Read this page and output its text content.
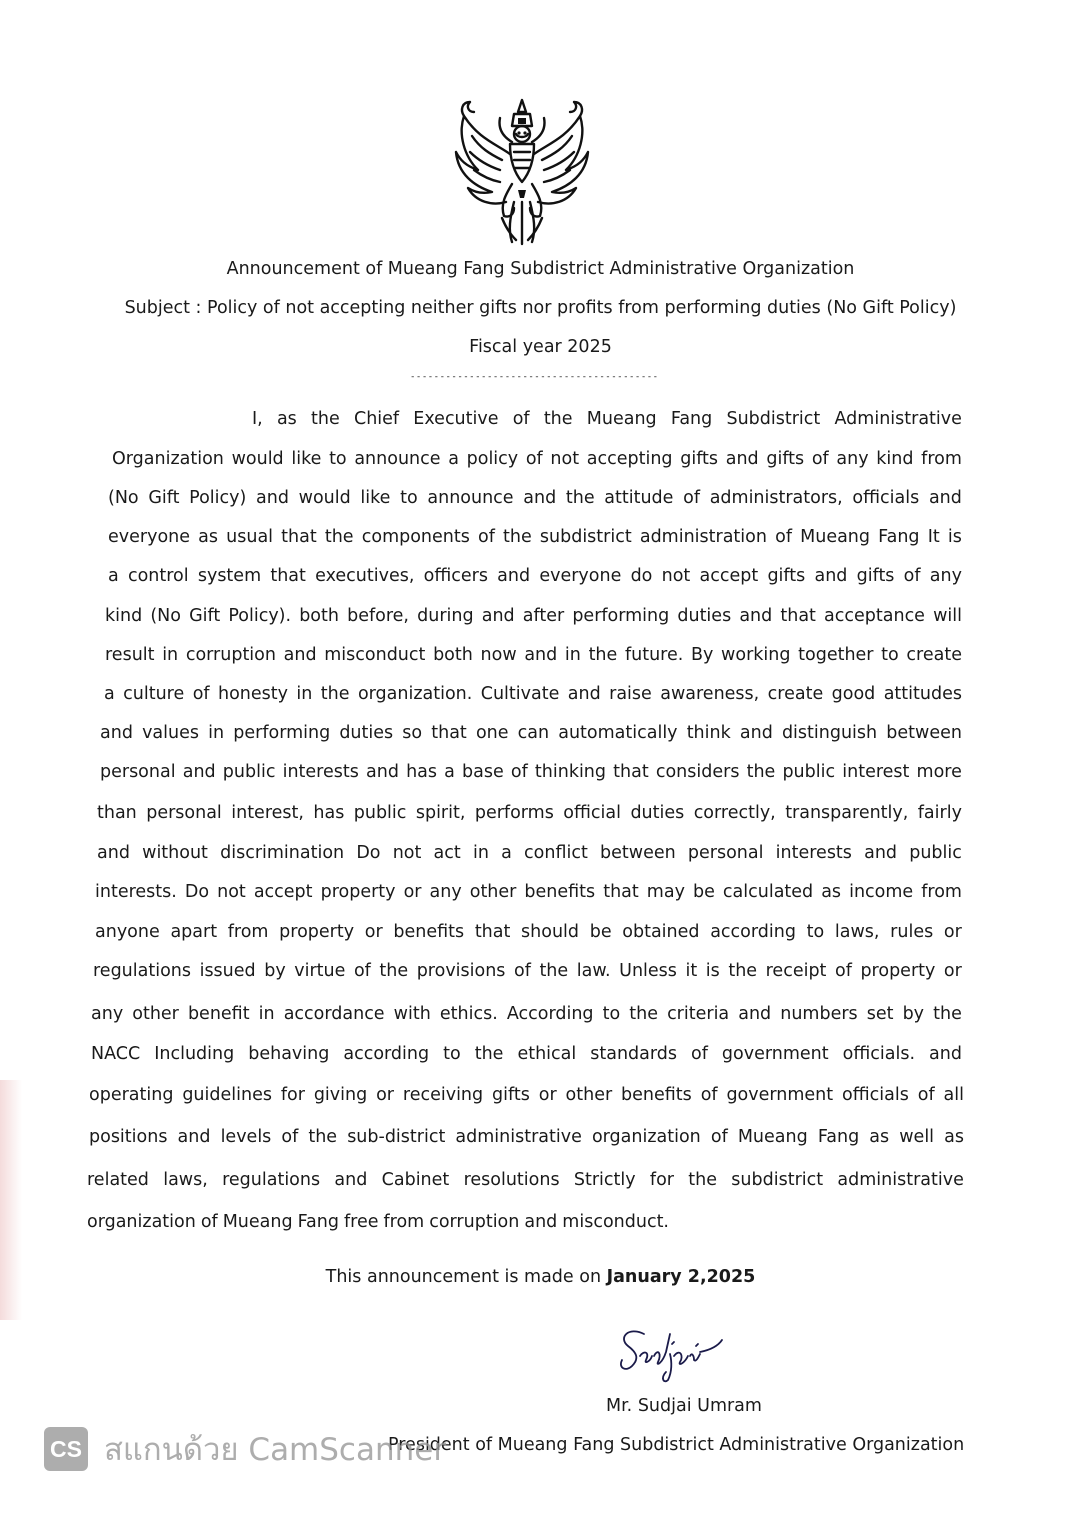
Announcement of Mueang Fang Subdistrict Administrative Organization
Subject : Policy of not accepting neither gifts nor profits from performing duties (No Gift Policy)
Fiscal year 2025
------------------------------------------
I, as the Chief Executive of the Mueang Fang Subdistrict Administrative
Organization would like to announce a policy of not accepting gifts and gifts of any kind from
(No Gift Policy) and would like to announce and the attitude of administrators, officials and
everyone as usual that the components of the subdistrict administration of Mueang Fang It is
a control system that executives, officers and everyone do not accept gifts and gifts of any
kind (No Gift Policy). both before, during and after performing duties and that acceptance will
result in corruption and misconduct both now and in the future. By working together to create
a culture of honesty in the organization. Cultivate and raise awareness, create good attitudes
and values in performing duties so that one can automatically think and distinguish between
personal and public interests and has a base of thinking that considers the public interest more
than personal interest, has public spirit, performs official duties correctly, transparently, fairly
and without discrimination Do not act in a conflict between personal interests and public
interests. Do not accept property or any other benefits that may be calculated as income from
anyone apart from property or benefits that should be obtained according to laws, rules or
regulations issued by virtue of the provisions of the law. Unless it is the receipt of property or
any other benefit in accordance with ethics. According to the criteria and numbers set by the
NACC Including behaving according to the ethical standards of government officials. and
operating guidelines for giving or receiving gifts or other benefits of government officials of all
positions and levels of the sub-district administrative organization of Mueang Fang as well as
related laws, regulations and Cabinet resolutions Strictly for the subdistrict administrative
organization of Mueang Fang free from corruption and misconduct.
This announcement is made on January 2,2025
Mr. Sudjai Umram
President of Mueang Fang Subdistrict Administrative Organization
CS สแกนด้วย CamScanner
